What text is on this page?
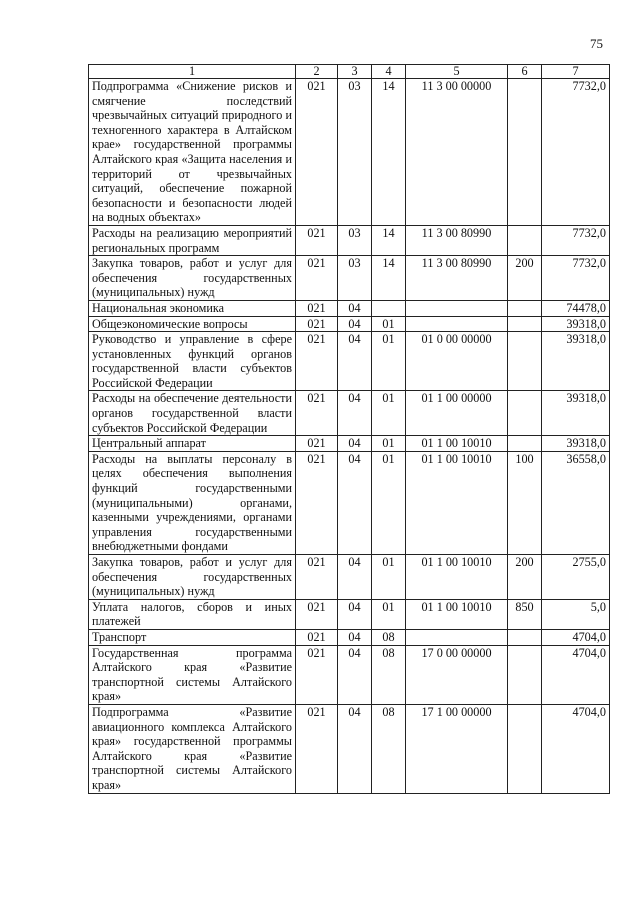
75
1	2	3	4	5	6	7
Подпрограмма «Снижение рисков и смягчение последствий чрезвычайных ситуаций природного и техногенного характера в Алтайском крае» государственной программы Алтайского края «Защита населения и территорий от чрезвычайных ситуаций, обеспечение пожарной безопасности и безопасности людей на водных объектах»	021	03	14	11 3 00 00000		7732,0
Расходы на реализацию мероприятий региональных программ	021	03	14	11 3 00 80990		7732,0
Закупка товаров, работ и услуг для обеспечения государственных (муниципальных) нужд	021	03	14	11 3 00 80990	200	7732,0
Национальная экономика	021	04				74478,0
Общеэкономические вопросы	021	04	01			39318,0
Руководство и управление в сфере установленных функций органов государственной власти субъектов Российской Федерации	021	04	01	01 0 00 00000		39318,0
Расходы на обеспечение деятельности органов государственной власти субъектов Российской Федерации	021	04	01	01 1 00 00000		39318,0
Центральный аппарат	021	04	01	01 1 00 10010		39318,0
Расходы на выплаты персоналу в целях обеспечения выполнения функций государственными (муниципальными) органами, казенными учреждениями, органами управления государственными внебюджетными фондами	021	04	01	01 1 00 10010	100	36558,0
Закупка товаров, работ и услуг для обеспечения государственных (муниципальных) нужд	021	04	01	01 1 00 10010	200	2755,0
Уплата налогов, сборов и иных платежей	021	04	01	01 1 00 10010	850	5,0
Транспорт	021	04	08			4704,0
Государственная программа Алтайского края «Развитие транспортной системы Алтайского края»	021	04	08	17 0 00 00000		4704,0
Подпрограмма «Развитие авиационного комплекса Алтайского края» государственной программы Алтайского края «Развитие транспортной системы Алтайского края»	021	04	08	17 1 00 00000		4704,0
